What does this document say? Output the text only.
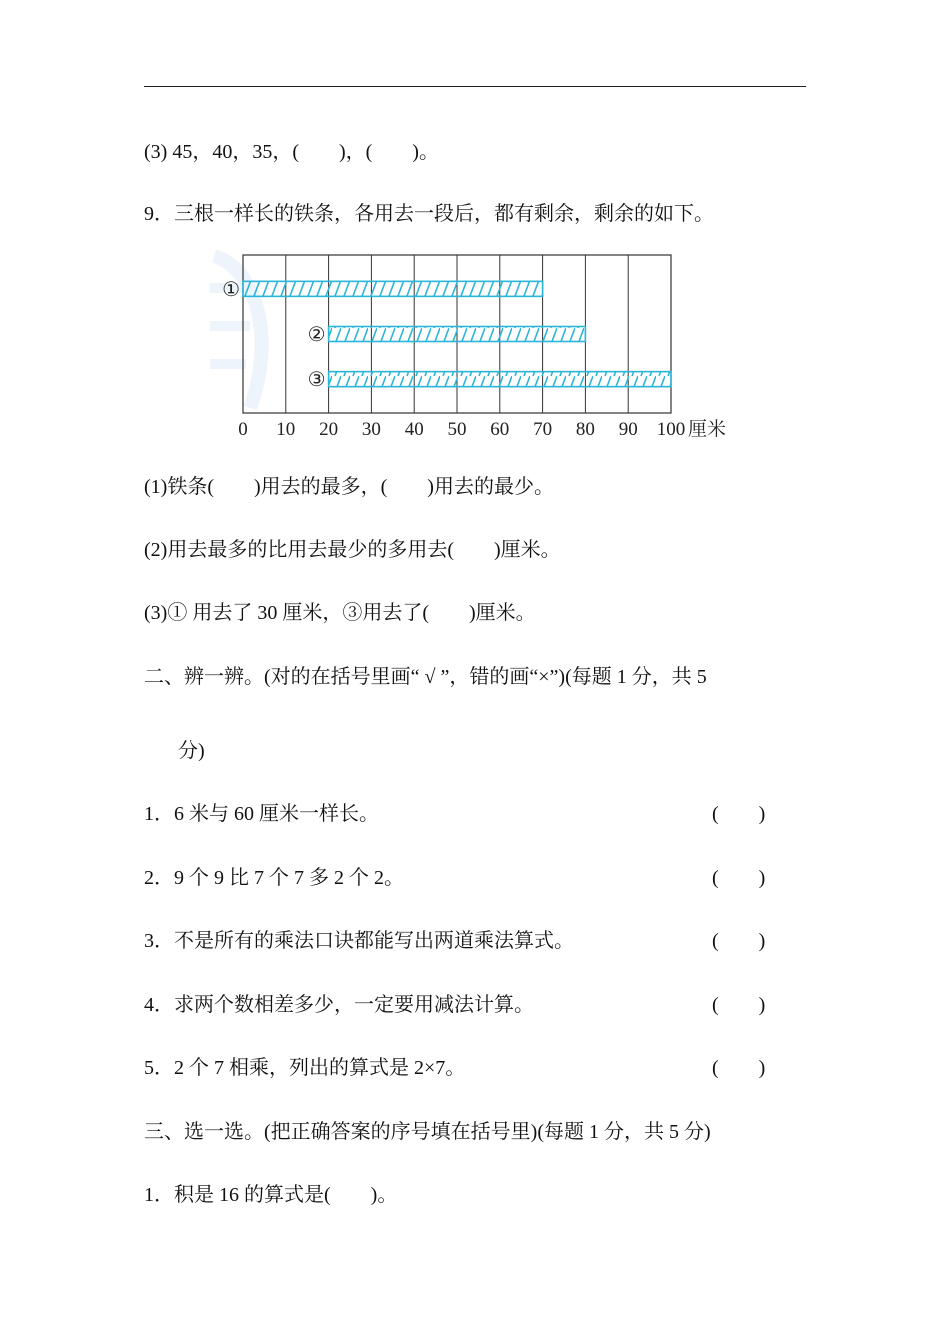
(3) 45，40，35，(　　)，(　　)。
9．三根一样长的铁条，各用去一段后，都有剩余，剩余的如下。
①
②
③
0 10 20 30 40 50 60 70 80 90 100 厘米
(1)铁条(　　)用去的最多，(　　)用去的最少。
(2)用去最多的比用去最少的多用去(　　)厘米。
(3)① 用去了 30 厘米，③用去了(　　)厘米。
二、辨一辨。(对的在括号里画“ √ ”，错的画“×”)(每题 1 分，共 5
分)
1．6 米与 60 厘米一样长。	(　　)
2．9 个 9 比 7 个 7 多 2 个 2。	(　　)
3．不是所有的乘法口诀都能写出两道乘法算式。	(　　)
4．求两个数相差多少，一定要用减法计算。	(　　)
5．2 个 7 相乘，列出的算式是 2×7。	(　　)
三、选一选。(把正确答案的序号填在括号里)(每题 1 分，共 5 分)
1．积是 16 的算式是(　　)。
